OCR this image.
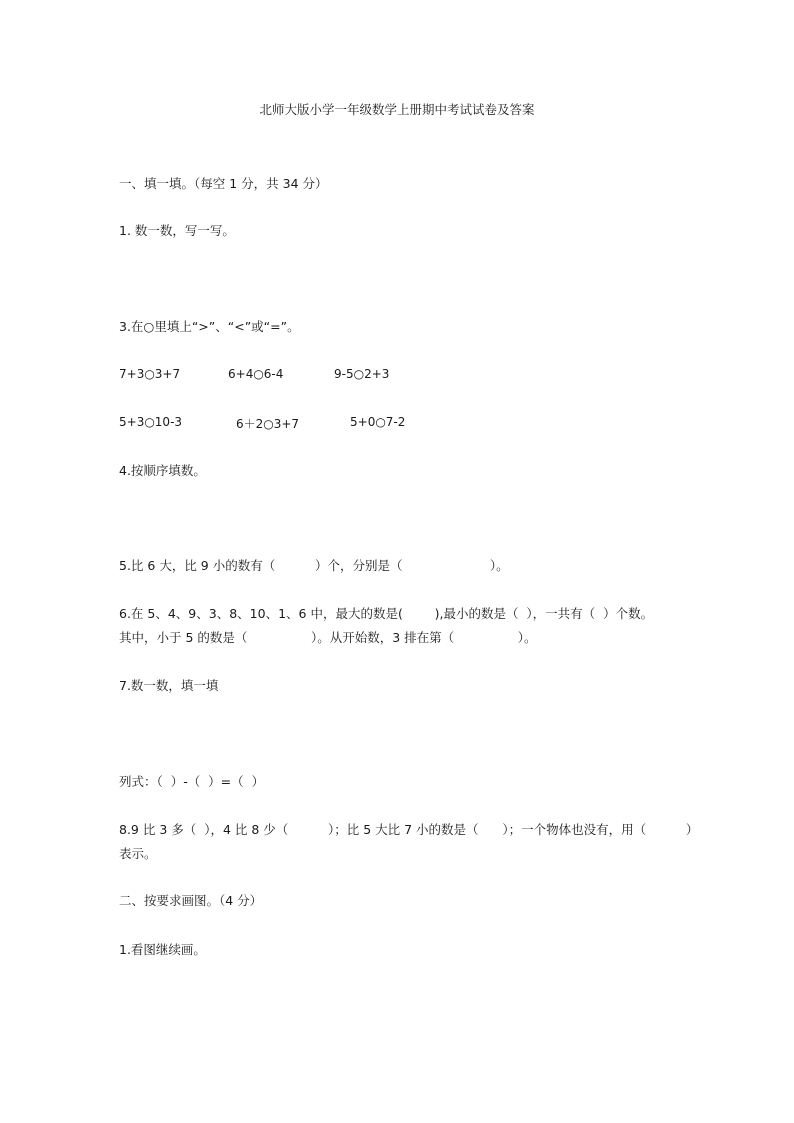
北师大版小学一年级数学上册期中考试试卷及答案
一、填一填。（每空 1 分，共 34 分）
1. 数一数，写一写。
3.在○里填上“>”、“<”或“=”。
7+3○3+7	6+4○6-4	9-5○2+3
5+3○10-3	6＋2○3+7	5+0○7-2
4.按顺序填数。
5.比 6 大，比 9 小的数有（          ）个，分别是（                      ）。
6.在 5、4、9、3、8、10、1、6 中，最大的数是(        ),最小的数是（  ），一共有（  ）个数。
其中，小于 5 的数是（                ）。从开始数，3 排在第（                ）。
7.数一数，填一填
列式：（  ）-（  ）=（  ）
8.9 比 3 多（  ），4 比 8 少（          ）；比 5 大比 7 小的数是（      ）；一个物体也没有，用（          ）
表示。
二、按要求画图。（4 分）
1.看图继续画。
